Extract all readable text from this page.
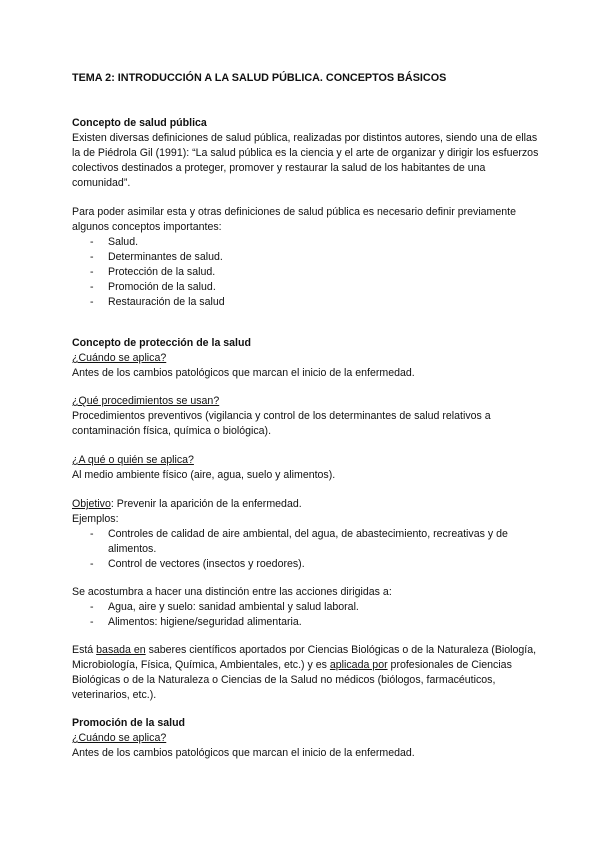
TEMA 2: INTRODUCCIÓN A LA SALUD PÚBLICA. CONCEPTOS BÁSICOS

Concepto de salud pública

Existen diversas definiciones de salud pública, realizadas por distintos autores, siendo una de ellas la de Piédrola Gil (1991): “La salud pública es la ciencia y el arte de organizar y dirigir los esfuerzos colectivos destinados a proteger, promover y restaurar la salud de los habitantes de una comunidad”.

Para poder asimilar esta y otras definiciones de salud pública es necesario definir previamente algunos conceptos importantes:

- Salud.
- Determinantes de salud.
- Protección de la salud.
- Promoción de la salud.
- Restauración de la salud

Concepto de protección de la salud

¿Cuándo se aplica?

Antes de los cambios patológicos que marcan el inicio de la enfermedad.

¿Qué procedimientos se usan?

Procedimientos preventivos (vigilancia y control de los determinantes de salud relativos a contaminación física, química o biológica).

¿A qué o quién se aplica?

Al medio ambiente físico (aire, agua, suelo y alimentos).

Objetivo: Prevenir la aparición de la enfermedad.

Ejemplos:

- Controles de calidad de aire ambiental, del agua, de abastecimiento, recreativas y de alimentos.
- Control de vectores (insectos y roedores).

Se acostumbra a hacer una distinción entre las acciones dirigidas a:

- Agua, aire y suelo: sanidad ambiental y salud laboral.
- Alimentos: higiene/seguridad alimentaria.

Está basada en saberes científicos aportados por Ciencias Biológicas o de la Naturaleza (Biología, Microbiología, Física, Química, Ambientales, etc.) y es aplicada por profesionales de Ciencias Biológicas o de la Naturaleza o Ciencias de la Salud no médicos (biólogos, farmacéuticos, veterinarios, etc.).

Promoción de la salud

¿Cuándo se aplica?

Antes de los cambios patológicos que marcan el inicio de la enfermedad.
